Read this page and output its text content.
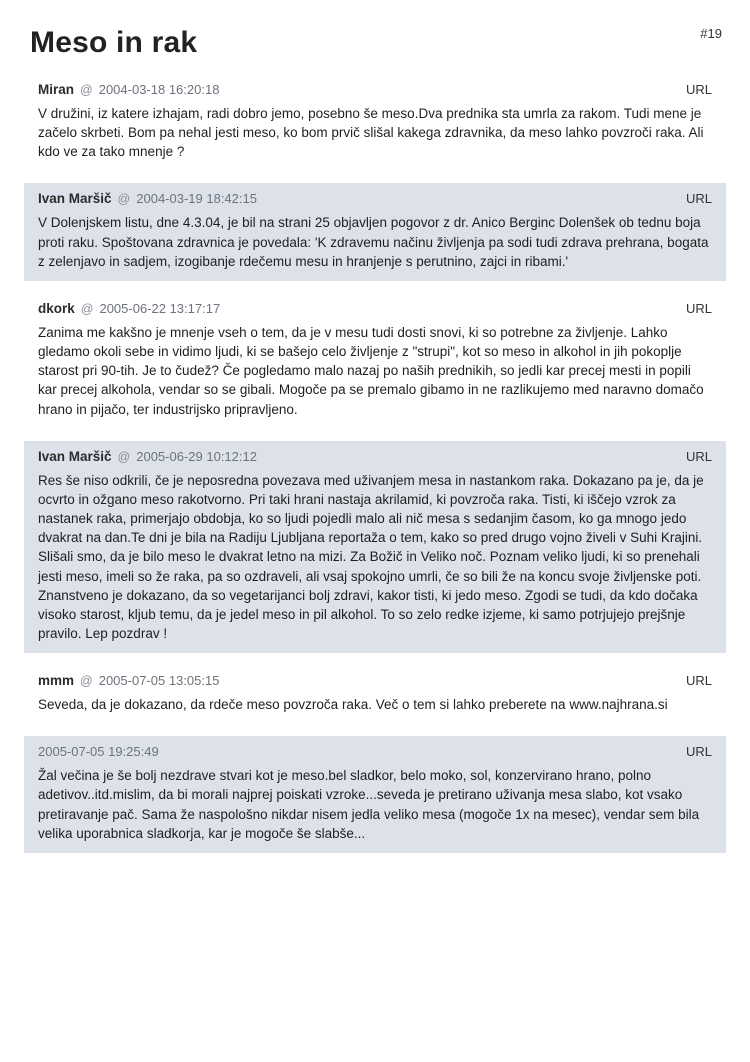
#19
Meso in rak
Miran @ 2004-03-18 16:20:18	URL
V družini, iz katere izhajam, radi dobro jemo, posebno še meso.Dva prednika sta umrla za rakom. Tudi mene je začelo skrbeti. Bom pa nehal jesti meso, ko bom prvič slišal kakega zdravnika, da meso lahko povzroči raka. Ali kdo ve za tako mnenje ?
Ivan Maršič @ 2004-03-19 18:42:15	URL
V Dolenjskem listu, dne 4.3.04, je bil na strani 25 objavljen pogovor z dr. Anico Berginc Dolenšek ob tednu boja proti raku. Spoštovana zdravnica je povedala: 'K zdravemu načinu življenja pa sodi tudi zdrava prehrana, bogata z zelenjavo in sadjem, izogibanje rdečemu mesu in hranjenje s perutnino, zajci in ribami.'
dkork @ 2005-06-22 13:17:17	URL
Zanima me kakšno je mnenje vseh o tem, da je v mesu tudi dosti snovi, ki so potrebne za življenje. Lahko gledamo okoli sebe in vidimo ljudi, ki se bašejo celo življenje z "strupi", kot so meso in alkohol in jih pokoplje starost pri 90-tih. Je to čudež? Če pogledamo malo nazaj po naših prednikih, so jedli kar precej mesti in popili kar precej alkohola, vendar so se gibali. Mogoče pa se premalo gibamo in ne razlikujemo med naravno domačo hrano in pijačo, ter industrijsko pripravljeno.
Ivan Maršič @ 2005-06-29 10:12:12	URL
Res še niso odkrili, če je neposredna povezava med uživanjem mesa in nastankom raka. Dokazano pa je, da je ocvrto in ožgano meso rakotvorno. Pri taki hrani nastaja akrilamid, ki povzroča raka. Tisti, ki iščejo vzrok za nastanek raka, primerjajo obdobja, ko so ljudi pojedli malo ali nič mesa s sedanjim časom, ko ga mnogo jedo dvakrat na dan.Te dni je bila na Radiju Ljubljana reportaža o tem, kako so pred drugo vojno živeli v Suhi Krajini. Slišali smo, da je bilo meso le dvakrat letno na mizi. Za Božič in Veliko noč. Poznam veliko ljudi, ki so prenehali jesti meso, imeli so že raka, pa so ozdraveli, ali vsaj spokojno umrli, če so bili že na koncu svoje življenske poti. Znanstveno je dokazano, da so vegetarijanci bolj zdravi, kakor tisti, ki jedo meso. Zgodi se tudi, da kdo dočaka visoko starost, kljub temu, da je jedel meso in pil alkohol. To so zelo redke izjeme, ki samo potrjujejo prejšnje pravilo. Lep pozdrav !
mmm @ 2005-07-05 13:05:15	URL
Seveda, da je dokazano, da rdeče meso povzroča raka. Več o tem si lahko preberete na www.najhrana.si
2005-07-05 19:25:49	URL
Žal večina je še bolj nezdrave stvari kot je meso.bel sladkor, belo moko, sol, konzervirano hrano, polno adetivov..itd.mislim, da bi morali najprej poiskati vzroke...seveda je pretirano uživanja mesa slabo, kot vsako pretiravanje pač. Sama že naspološno nikdar nisem jedla veliko mesa (mogoče 1x na mesec), vendar sem bila velika uporabnica sladkorja, kar je mogoče še slabše...
